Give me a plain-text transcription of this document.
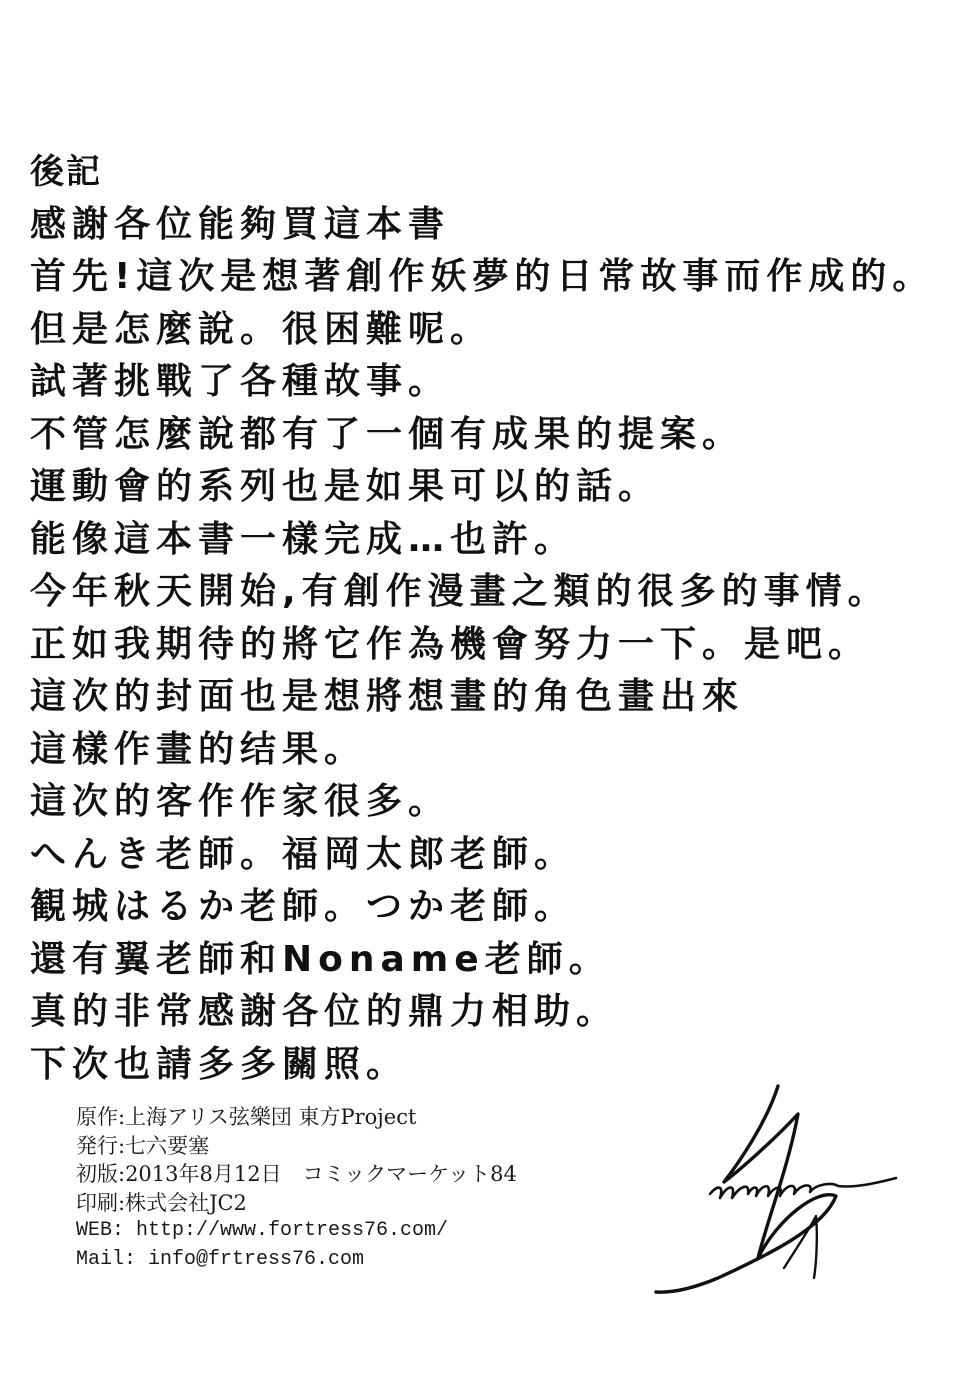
後記
感謝各位能夠買這本書
首先!這次是想著創作妖夢的日常故事而作成的。
但是怎麼說。很困難呢。
試著挑戰了各種故事。
不管怎麼說都有了一個有成果的提案。
運動會的系列也是如果可以的話。
能像這本書一樣完成…也許。
今年秋天開始,有創作漫畫之類的很多的事情。
正如我期待的將它作為機會努力一下。是吧。
這次的封面也是想將想畫的角色畫出來
這樣作畫的结果。
這次的客作作家很多。
へんき老師。福岡太郎老師。
観城はるか老師。つか老師。
還有翼老師和Noname老師。
真的非常感謝各位的鼎力相助。
下次也請多多關照。
原作:上海アリス弦樂団 東方Project
発行:七六要塞
初版:2013年8月12日　コミックマーケット84
印刷:株式会社JC2
WEB: http://www.fortress76.com/
Mail: info@frtress76.com
